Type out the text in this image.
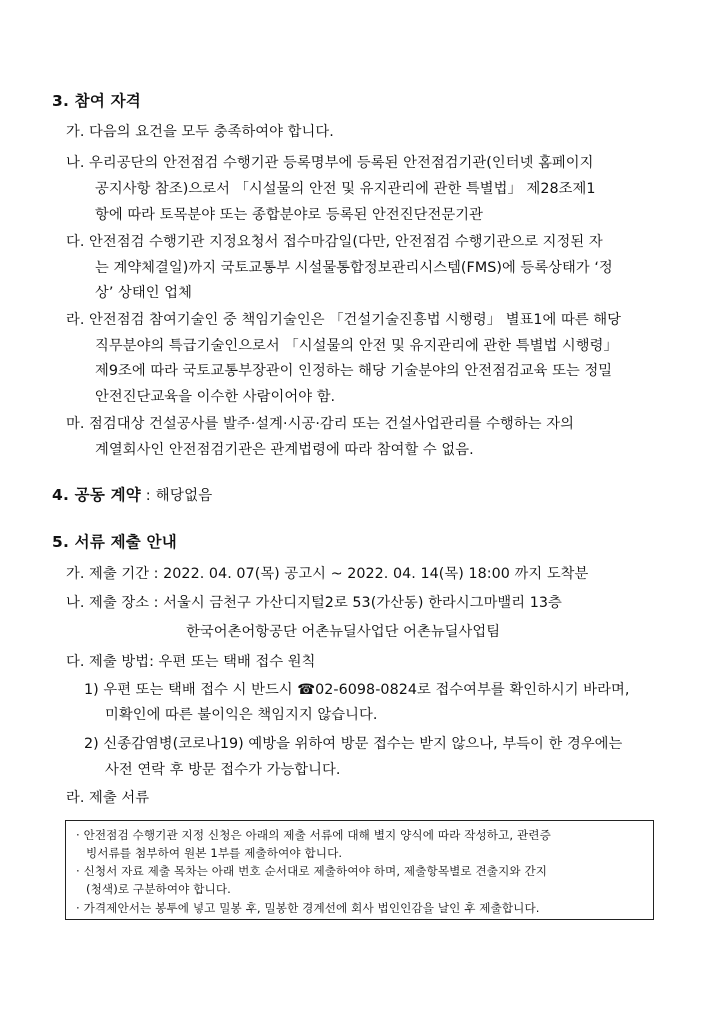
3. 참여 자격
가. 다음의 요건을 모두 충족하여야 합니다.
나. 우리공단의 안전점검 수행기관 등록명부에 등록된 안전점검기관(인터넷 홈페이지
공지사항 참조)으로서 「시설물의 안전 및 유지관리에 관한 특별법」 제28조제1
항에 따라 토목분야 또는 종합분야로 등록된 안전진단전문기관
다. 안전점검 수행기관 지정요청서 접수마감일(다만, 안전점검 수행기관으로 지정된 자
는 계약체결일)까지 국토교통부 시설물통합정보관리시스템(FMS)에 등록상태가 ‘정
상’ 상태인 업체
라. 안전점검 참여기술인 중 책임기술인은 「건설기술진흥법 시행령」 별표1에 따른 해당
직무분야의 특급기술인으로서 「시설물의 안전 및 유지관리에 관한 특별법 시행령」
제9조에 따라 국토교통부장관이 인정하는 해당 기술분야의 안전점검교육 또는 정밀
안전진단교육을 이수한 사람이어야 함.
마. 점검대상 건설공사를 발주·설계·시공·감리 또는 건설사업관리를 수행하는 자의
계열회사인 안전점검기관은 관계법령에 따라 참여할 수 없음.
4. 공동 계약 : 해당없음
5. 서류 제출 안내
가. 제출 기간 : 2022. 04. 07(목) 공고시 ~ 2022. 04. 14(목) 18:00 까지 도착분
나. 제출 장소 : 서울시 금천구 가산디지털2로 53(가산동) 한라시그마밸리 13층
한국어촌어항공단 어촌뉴딜사업단 어촌뉴딜사업팀
다. 제출 방법: 우편 또는 택배 접수 원칙
1) 우편 또는 택배 접수 시 반드시 ☎02-6098-0824로 접수여부를 확인하시기 바라며,
미확인에 따른 불이익은 책임지지 않습니다.
2) 신종감염병(코로나19) 예방을 위하여 방문 접수는 받지 않으나, 부득이 한 경우에는
사전 연락 후 방문 접수가 가능합니다.
라. 제출 서류
· 안전점검 수행기관 지정 신청은 아래의 제출 서류에 대해 별지 양식에 따라 작성하고, 관련증
빙서류를 첨부하여 원본 1부를 제출하여야 합니다.
· 신청서 자료 제출 목차는 아래 번호 순서대로 제출하여야 하며, 제출항목별로 견출지와 간지
(청색)로 구분하여야 합니다.
· 가격제안서는 봉투에 넣고 밀봉 후, 밀봉한 경계선에 회사 법인인감을 날인 후 제출합니다.
